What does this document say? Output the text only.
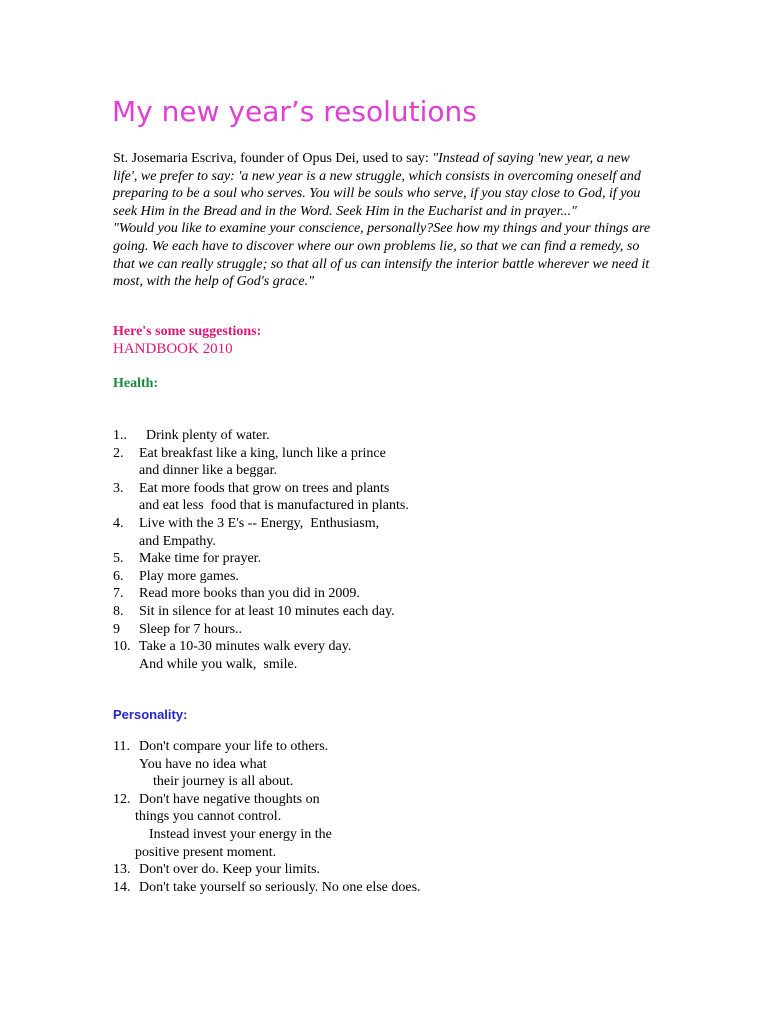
My new year’s resolutions

St. Josemaria Escriva, founder of Opus Dei, used to say: "Instead of saying 'new year, a new life', we prefer to say: 'a new year is a new struggle, which consists in overcoming oneself and preparing to be a soul who serves. You will be souls who serve, if you stay close to God, if you seek Him in the Bread and in the Word. Seek Him in the Eucharist and in prayer..."
"Would you like to examine your conscience, personally?See how my things and your things are going. We each have to discover where our own problems lie, so that we can find a remedy, so that we can really struggle; so that all of us can intensify the interior battle wherever we need it most, with the help of God's grace."

Here's some suggestions:

HANDBOOK 2010

Health:

1..  Drink plenty of water.
2. Eat breakfast like a king, lunch like a prince
and dinner like a beggar.
3. Eat more foods that grow on trees and plants
and eat less  food that is manufactured in plants.
4. Live with the 3 E's -- Energy,  Enthusiasm,
and Empathy.
5. Make time for prayer.
6. Play more games.
7. Read more books than you did in 2009.
8. Sit in silence for at least 10 minutes each day.
9 Sleep for 7 hours..
10. Take a 10-30 minutes walk every day.
And while you walk,  smile.

Personality:

11. Don't compare your life to others.
You have no idea what
their journey is all about.
12. Don't have negative thoughts on
things you cannot control.
Instead invest your energy in the
positive present moment.
13. Don't over do. Keep your limits.
14. Don't take yourself so seriously. No one else does.
